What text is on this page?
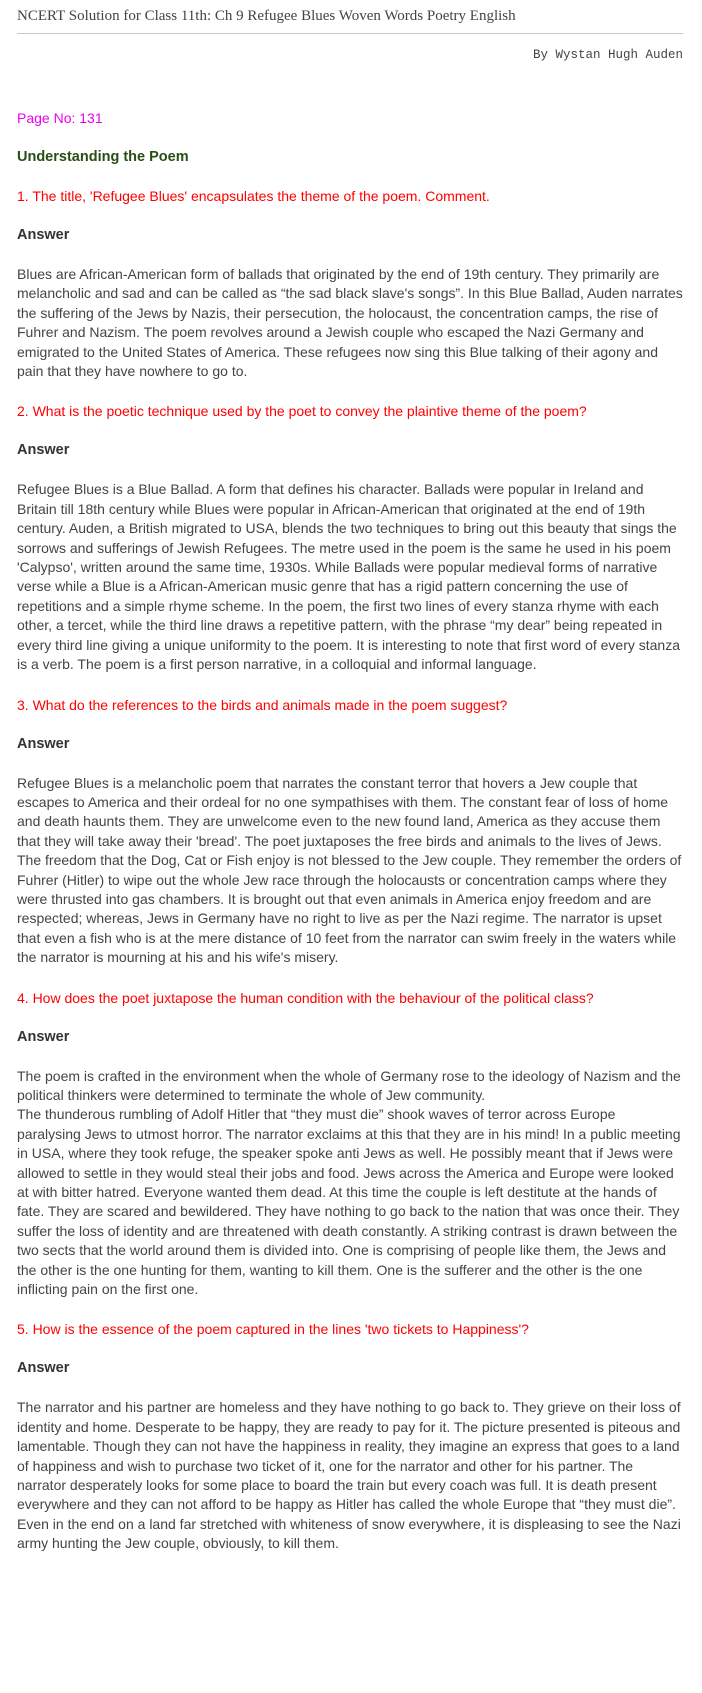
NCERT Solution for Class 11th: Ch 9 Refugee Blues Woven Words Poetry English
By Wystan Hugh Auden
Page No: 131
Understanding the Poem
1. The title, 'Refugee Blues' encapsulates the theme of the poem. Comment.
Answer

Blues are African-American form of ballads that originated by the end of 19th century. They primarily are melancholic and sad and can be called as “the sad black slave's songs”. In this Blue Ballad, Auden narrates the suffering of the Jews by Nazis, their persecution, the holocaust, the concentration camps, the rise of Fuhrer and Nazism. The poem revolves around a Jewish couple who escaped the Nazi Germany and emigrated to the United States of America. These refugees now sing this Blue talking of their agony and pain that they have nowhere to go to.

2. What is the poetic technique used by the poet to convey the plaintive theme of the poem?
Answer

Refugee Blues is a Blue Ballad. A form that defines his character. Ballads were popular in Ireland and Britain till 18th century while Blues were popular in African-American that originated at the end of 19th century. Auden, a British migrated to USA, blends the two techniques to bring out this beauty that sings the sorrows and sufferings of Jewish Refugees. The metre used in the poem is the same he used in his poem 'Calypso', written around the same time, 1930s. While Ballads were popular medieval forms of narrative verse while a Blue is a African-American music genre that has a rigid pattern concerning the use of repetitions and a simple rhyme scheme. In the poem, the first two lines of every stanza rhyme with each other, a tercet, while the third line draws a repetitive pattern, with the phrase “my dear” being repeated in every third line giving a unique uniformity to the poem. It is interesting to note that first word of every stanza is a verb. The poem is a first person narrative, in a colloquial and informal language.

3. What do the references to the birds and animals made in the poem suggest?
Answer

Refugee Blues is a melancholic poem that narrates the constant terror that hovers a Jew couple that escapes to America and their ordeal for no one sympathises with them. The constant fear of loss of home and death haunts them. They are unwelcome even to the new found land, America as they accuse them that they will take away their 'bread'. The poet juxtaposes the free birds and animals to the lives of Jews. The freedom that the Dog, Cat or Fish enjoy is not blessed to the Jew couple. They remember the orders of Fuhrer (Hitler) to wipe out the whole Jew race through the holocausts or concentration camps where they were thrusted into gas chambers. It is brought out that even animals in America enjoy freedom and are respected; whereas, Jews in Germany have no right to live as per the Nazi regime. The narrator is upset that even a fish who is at the mere distance of 10 feet from the narrator can swim freely in the waters while the narrator is mourning at his and his wife's misery.

4. How does the poet juxtapose the human condition with the behaviour of the political class?
Answer

The poem is crafted in the environment when the whole of Germany rose to the ideology of Nazism and the political thinkers were determined to terminate the whole of Jew community.

The thunderous rumbling of Adolf Hitler that “they must die” shook waves of terror across Europe paralysing Jews to utmost horror. The narrator exclaims at this that they are in his mind! In a public meeting in USA, where they took refuge, the speaker spoke anti Jews as well. He possibly meant that if Jews were allowed to settle in they would steal their jobs and food. Jews across the America and Europe were looked at with bitter hatred. Everyone wanted them dead. At this time the couple is left destitute at the hands of fate. They are scared and bewildered. They have nothing to go back to the nation that was once their. They suffer the loss of identity and are threatened with death constantly. A striking contrast is drawn between the two sects that the world around them is divided into. One is comprising of people like them, the Jews and the other is the one hunting for them, wanting to kill them. One is the sufferer and the other is the one inflicting pain on the first one.

5. How is the essence of the poem captured in the lines 'two tickets to Happiness'?
Answer

The narrator and his partner are homeless and they have nothing to go back to. They grieve on their loss of identity and home. Desperate to be happy, they are ready to pay for it. The picture presented is piteous and lamentable. Though they can not have the happiness in reality, they imagine an express that goes to a land of happiness and wish to purchase two ticket of it, one for the narrator and other for his partner. The narrator desperately looks for some place to board the train but every coach was full. It is death present everywhere and they can not afford to be happy as Hitler has called the whole Europe that “they must die”. Even in the end on a land far stretched with whiteness of snow everywhere, it is displeasing to see the Nazi army hunting the Jew couple, obviously, to kill them.
